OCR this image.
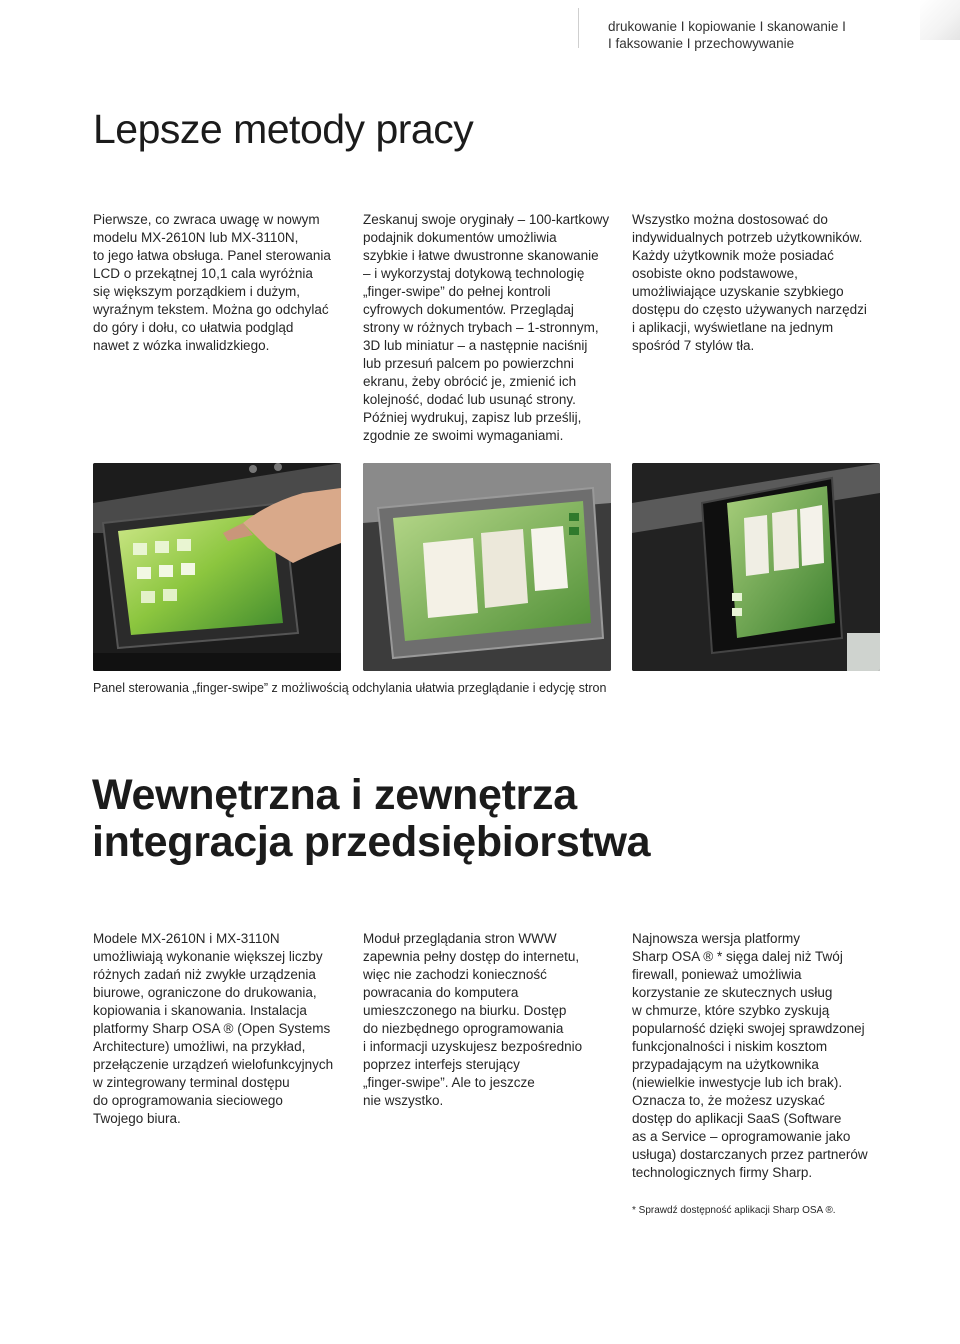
drukowanie I kopiowanie I skanowanie I
I faksowanie I przechowywanie
Lepsze metody pracy
Pierwsze, co zwraca uwagę w nowym
modelu MX-2610N lub MX-3110N,
to jego łatwa obsługa. Panel sterowania
LCD o przekątnej 10,1 cala wyróżnia
się większym porządkiem i dużym,
wyraźnym tekstem. Można go odchylać
do góry i dołu, co ułatwia podgląd
nawet z wózka inwalidzkiego.
Zeskanuj swoje oryginały – 100-kartkowy
podajnik dokumentów umożliwia
szybkie i łatwe dwustronne skanowanie
– i wykorzystaj dotykową technologię
„finger-swipe” do pełnej kontroli
cyfrowych dokumentów. Przeglądaj
strony w różnych trybach – 1-stronnym,
3D lub miniatur – a następnie naciśnij
lub przesuń palcem po powierzchni
ekranu, żeby obrócić je, zmienić ich
kolejność, dodać lub usunąć strony.
Później wydrukuj, zapisz lub prześlij,
zgodnie ze swoimi wymaganiami.
Wszystko można dostosować do
indywidualnych potrzeb użytkowników.
Każdy użytkownik może posiadać
osobiste okno podstawowe,
umożliwiające uzyskanie szybkiego
dostępu do często używanych narzędzi
i aplikacji, wyświetlane na jednym
spośród 7 stylów tła.
Panel sterowania „finger-swipe” z możliwością odchylania ułatwia przeglądanie i edycję stron
Wewnętrzna i zewnętrza
integracja przedsiębiorstwa
Modele MX-2610N i MX-3110N
umożliwiają wykonanie większej liczby
różnych zadań niż zwykłe urządzenia
biurowe, ograniczone do drukowania,
kopiowania i skanowania. Instalacja
platformy Sharp OSA ® (Open Systems
Architecture) umożliwi, na przykład,
przełączenie urządzeń wielofunkcyjnych
w zintegrowany terminal dostępu
do oprogramowania sieciowego
Twojego biura.
Moduł przeglądania stron WWW
zapewnia pełny dostęp do internetu,
więc nie zachodzi konieczność
powracania do komputera
umieszczonego na biurku. Dostęp
do niezbędnego oprogramowania
i informacji uzyskujesz bezpośrednio
poprzez interfejs sterujący
„finger-swipe”. Ale to jeszcze
nie wszystko.
Najnowsza wersja platformy
Sharp OSA ® * sięga dalej niż Twój
firewall, ponieważ umożliwia
korzystanie ze skutecznych usług
w chmurze, które szybko zyskują
popularność dzięki swojej sprawdzonej
funkcjonalności i niskim kosztom
przypadającym na użytkownika
(niewielkie inwestycje lub ich brak).
Oznacza to, że możesz uzyskać
dostęp do aplikacji SaaS (Software
as a Service – oprogramowanie jako
usługa) dostarczanych przez partnerów
technologicznych firmy Sharp.
* Sprawdź dostępność aplikacji Sharp OSA ®.
